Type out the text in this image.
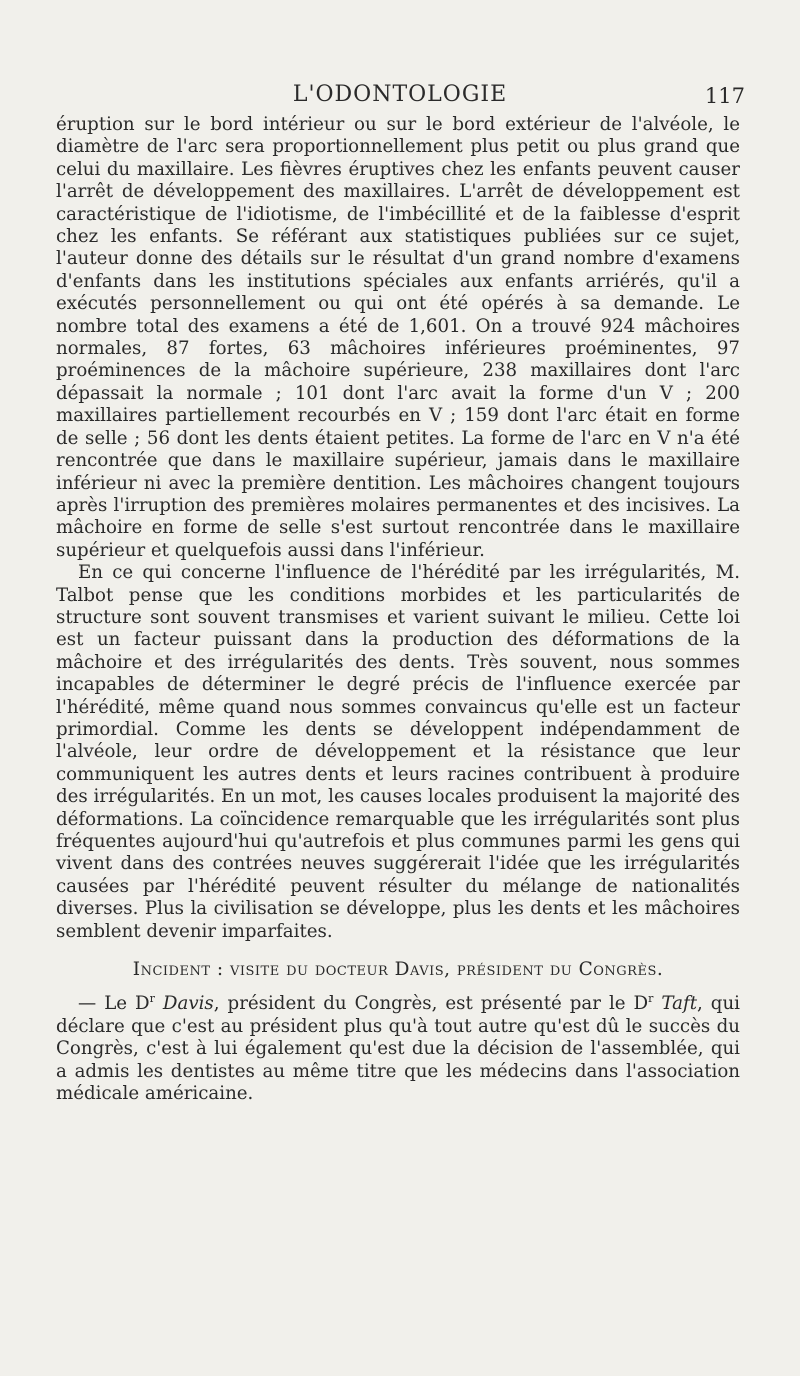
L'ODONTOLOGIE	117

éruption sur le bord intérieur ou sur le bord extérieur de l'alvéole, le diamètre de l'arc sera proportionnellement plus petit ou plus grand que celui du maxillaire. Les fièvres éruptives chez les enfants peuvent causer l'arrêt de développement des maxillaires. L'arrêt de développement est caractéristique de l'idiotisme, de l'imbécillité et de la faiblesse d'esprit chez les enfants. Se référant aux statistiques publiées sur ce sujet, l'auteur donne des détails sur le résultat d'un grand nombre d'examens d'enfants dans les institutions spéciales aux enfants arriérés, qu'il a exécutés personnellement ou qui ont été opérés à sa demande. Le nombre total des examens a été de 1,601. On a trouvé 924 mâchoires normales, 87 fortes, 63 mâchoires inférieures proéminentes, 97 proéminences de la mâchoire supérieure, 238 maxillaires dont l'arc dépassait la normale ; 101 dont l'arc avait la forme d'un V ; 200 maxillaires partiellement recourbés en V ; 159 dont l'arc était en forme de selle ; 56 dont les dents étaient petites. La forme de l'arc en V n'a été rencontrée que dans le maxillaire supérieur, jamais dans le maxillaire inférieur ni avec la première dentition. Les mâchoires changent toujours après l'irruption des premières molaires permanentes et des incisives. La mâchoire en forme de selle s'est surtout rencontrée dans le maxillaire supérieur et quelquefois aussi dans l'inférieur.

En ce qui concerne l'influence de l'hérédité par les irrégularités, M. Talbot pense que les conditions morbides et les particularités de structure sont souvent transmises et varient suivant le milieu. Cette loi est un facteur puissant dans la production des déformations de la mâchoire et des irrégularités des dents. Très souvent, nous sommes incapables de déterminer le degré précis de l'influence exercée par l'hérédité, même quand nous sommes convaincus qu'elle est un facteur primordial. Comme les dents se développent indépendamment de l'alvéole, leur ordre de développement et la résistance que leur communiquent les autres dents et leurs racines contribuent à produire des irrégularités. En un mot, les causes locales produisent la majorité des déformations. La coïncidence remarquable que les irrégularités sont plus fréquentes aujourd'hui qu'autrefois et plus communes parmi les gens qui vivent dans des contrées neuves suggérerait l'idée que les irrégularités causées par l'hérédité peuvent résulter du mélange de nationalités diverses. Plus la civilisation se développe, plus les dents et les mâchoires semblent devenir imparfaites.

Incident : visite du docteur Davis, président du Congrès.

— Le $D^r$ Davis, président du Congrès, est présenté par le $D^r$ Taft, qui déclare que c'est au président plus qu'à tout autre qu'est dû le succès du Congrès, c'est à lui également qu'est due la décision de l'assemblée, qui a admis les dentistes au même titre que les médecins dans l'association médicale américaine.
